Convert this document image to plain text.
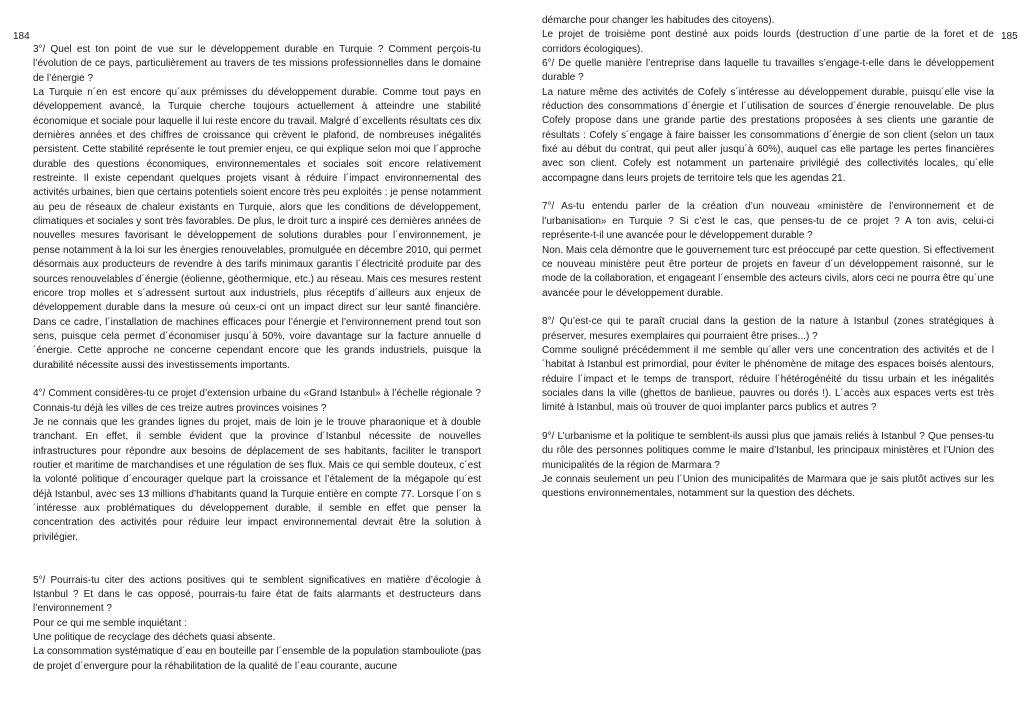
184	185

3°/ Quel est ton point de vue sur le développement durable en Turquie ? Comment perçois-tu l’évolution de ce pays, particulièrement au travers de tes missions professionnelles dans le domaine de l’énergie ?

La Turquie n´en est encore qu´aux prémisses du développement durable. Comme tout pays en développement avancé, la Turquie cherche toujours actuellement à atteindre une stabilité économique et sociale pour laquelle il lui reste encore du travail. Malgré d´excellents résultats ces dix dernières années et des chiffres de croissance qui crèvent le plafond, de nombreuses inégalités persistent. Cette stabilité représente le tout premier enjeu, ce qui explique selon moi que l´approche durable des questions économiques, environnementales et sociales soit encore relativement restreinte. Il existe cependant quelques projets visant à réduire l´impact environnemental des activités urbaines, bien que certains potentiels soient encore très peu exploités : je pense notamment au peu de réseaux de chaleur existants en Turquie, alors que les conditions de développement, climatiques et sociales y sont très favorables. De plus, le droit turc a inspiré ces dernières années de nouvelles mesures favorisant le développement de solutions durables pour l´environnement, je pense notamment à la loi sur les énergies renouvelables, promulguée en décembre 2010, qui permet désormais aux producteurs de revendre à des tarifs minimaux garantis l´électricité produite par des sources renouvelables d´énergie (éolienne, géothermique, etc.) au réseau. Mais ces mesures restent encore trop molles et s´adressent surtout aux industriels, plus réceptifs d´ailleurs aux enjeux de développement durable dans la mesure où ceux-ci ont un impact direct sur leur santé financière. Dans ce cadre, l´installation de machines efficaces pour l’énergie et l’environnement prend tout son sens, puisque cela permet d´économiser jusqu´à 50%, voire davantage sur la facture annuelle d´énergie. Cette approche ne concerne cependant encore que les grands industriels, puisque la durabilité nécessite aussi des investissements importants.

4°/ Comment considères-tu ce projet d’extension urbaine du «Grand Istanbul» à l’échelle régionale ? Connais-tu déjà les villes de ces treize autres provinces voisines ?

Je ne connais que les grandes lignes du projet, mais de loin je le trouve pharaonique et à double tranchant. En effet, il semble évident que la province d´Istanbul nécessite de nouvelles infrastructures pour répondre aux besoins de déplacement de ses habitants, faciliter le transport routier et maritime de marchandises et une régulation de ses flux. Mais ce qui semble douteux, c´est la volonté politique d´encourager quelque part la croissance et l’étalement de la mégapole qu´est déjà Istanbul, avec ses 13 millions d’habitants quand la Turquie entière en compte 77. Lorsque l´on s´intéresse aux problématiques du développement durable, il semble en effet que penser la concentration des activités pour réduire leur impact environnemental devrait être la solution à privilégier.

5°/ Pourrais-tu citer des actions positives qui te semblent significatives en matière d’écologie à Istanbul ? Et dans le cas opposé, pourrais-tu faire état de faits alarmants et destructeurs dans l’environnement ?

Pour ce qui me semble inquiétant :

Une politique de recyclage des déchets quasi absente.

La consommation systématique d´eau en bouteille par l´ensemble de la population stambouliote (pas de projet d´envergure pour la réhabilitation de la qualité de l´eau courante, aucune

démarche pour changer les habitudes des citoyens).

Le projet de troisième pont destiné aux poids lourds (destruction d´une partie de la foret et de corridors écologiques).

6°/ De quelle manière l’entreprise dans laquelle tu travailles s’engage-t-elle dans le développement durable ?

La nature même des activités de Cofely s´intéresse au développement durable, puisqu´elle vise la réduction des consommations d´énergie et l´utilisation de sources d´énergie renouvelable. De plus Cofely propose dans une grande partie des prestations proposées à ses clients une garantie de résultats : Cofely s´engage à faire baisser les consommations d´énergie de son client (selon un taux fixé au début du contrat, qui peut aller jusqu´à 60%), auquel cas elle partage les pertes financières avec son client. Cofely est notamment un partenaire privilégié des collectivités locales, qu´elle accompagne dans leurs projets de territoire tels que les agendas 21.

7°/ As-tu entendu parler de la création d’un nouveau «ministère de l’environnement et de l’urbanisation» en Turquie ? Si c’est le cas, que penses-tu de ce projet ? A ton avis, celui-ci représente-t-il une avancée pour le développement durable ?

Non. Mais cela démontre que le gouvernement turc est préoccupé par cette question. Si effectivement ce nouveau ministère peut être porteur de projets en faveur d´un développement raisonné, sur le mode de la collaboration, et engageant l´ensemble des acteurs civils, alors ceci ne pourra être qu´une avancée pour le développement durable.

8°/ Qu’est-ce qui te paraît crucial dans la gestion de la nature à Istanbul (zones stratégiques à préserver, mesures exemplaires qui pourraient être prises...) ?

Comme souligné précédemment il me semble qu´aller vers une concentration des activités et de l´habitat à Istanbul est primordial, pour éviter le phénomène de mitage des espaces boisés alentours, réduire l´impact et le temps de transport, réduire l´hétérogénéité du tissu urbain et les inégalités sociales dans la ville (ghettos de banlieue, pauvres ou dorés !). L´accès aux espaces verts est très limité à Istanbul, mais où trouver de quoi implanter parcs publics et autres ?

9°/ L’urbanisme et la politique te semblent-ils aussi plus que jamais reliés à Istanbul ? Que penses-tu du rôle des personnes politiques comme le maire d’Istanbul, les principaux ministères et l’Union des municipalités de la région de Marmara ?

Je connais seulement un peu l´Union des municipalités de Marmara que je sais plutôt actives sur les questions environnementales, notamment sur la question des déchets.
